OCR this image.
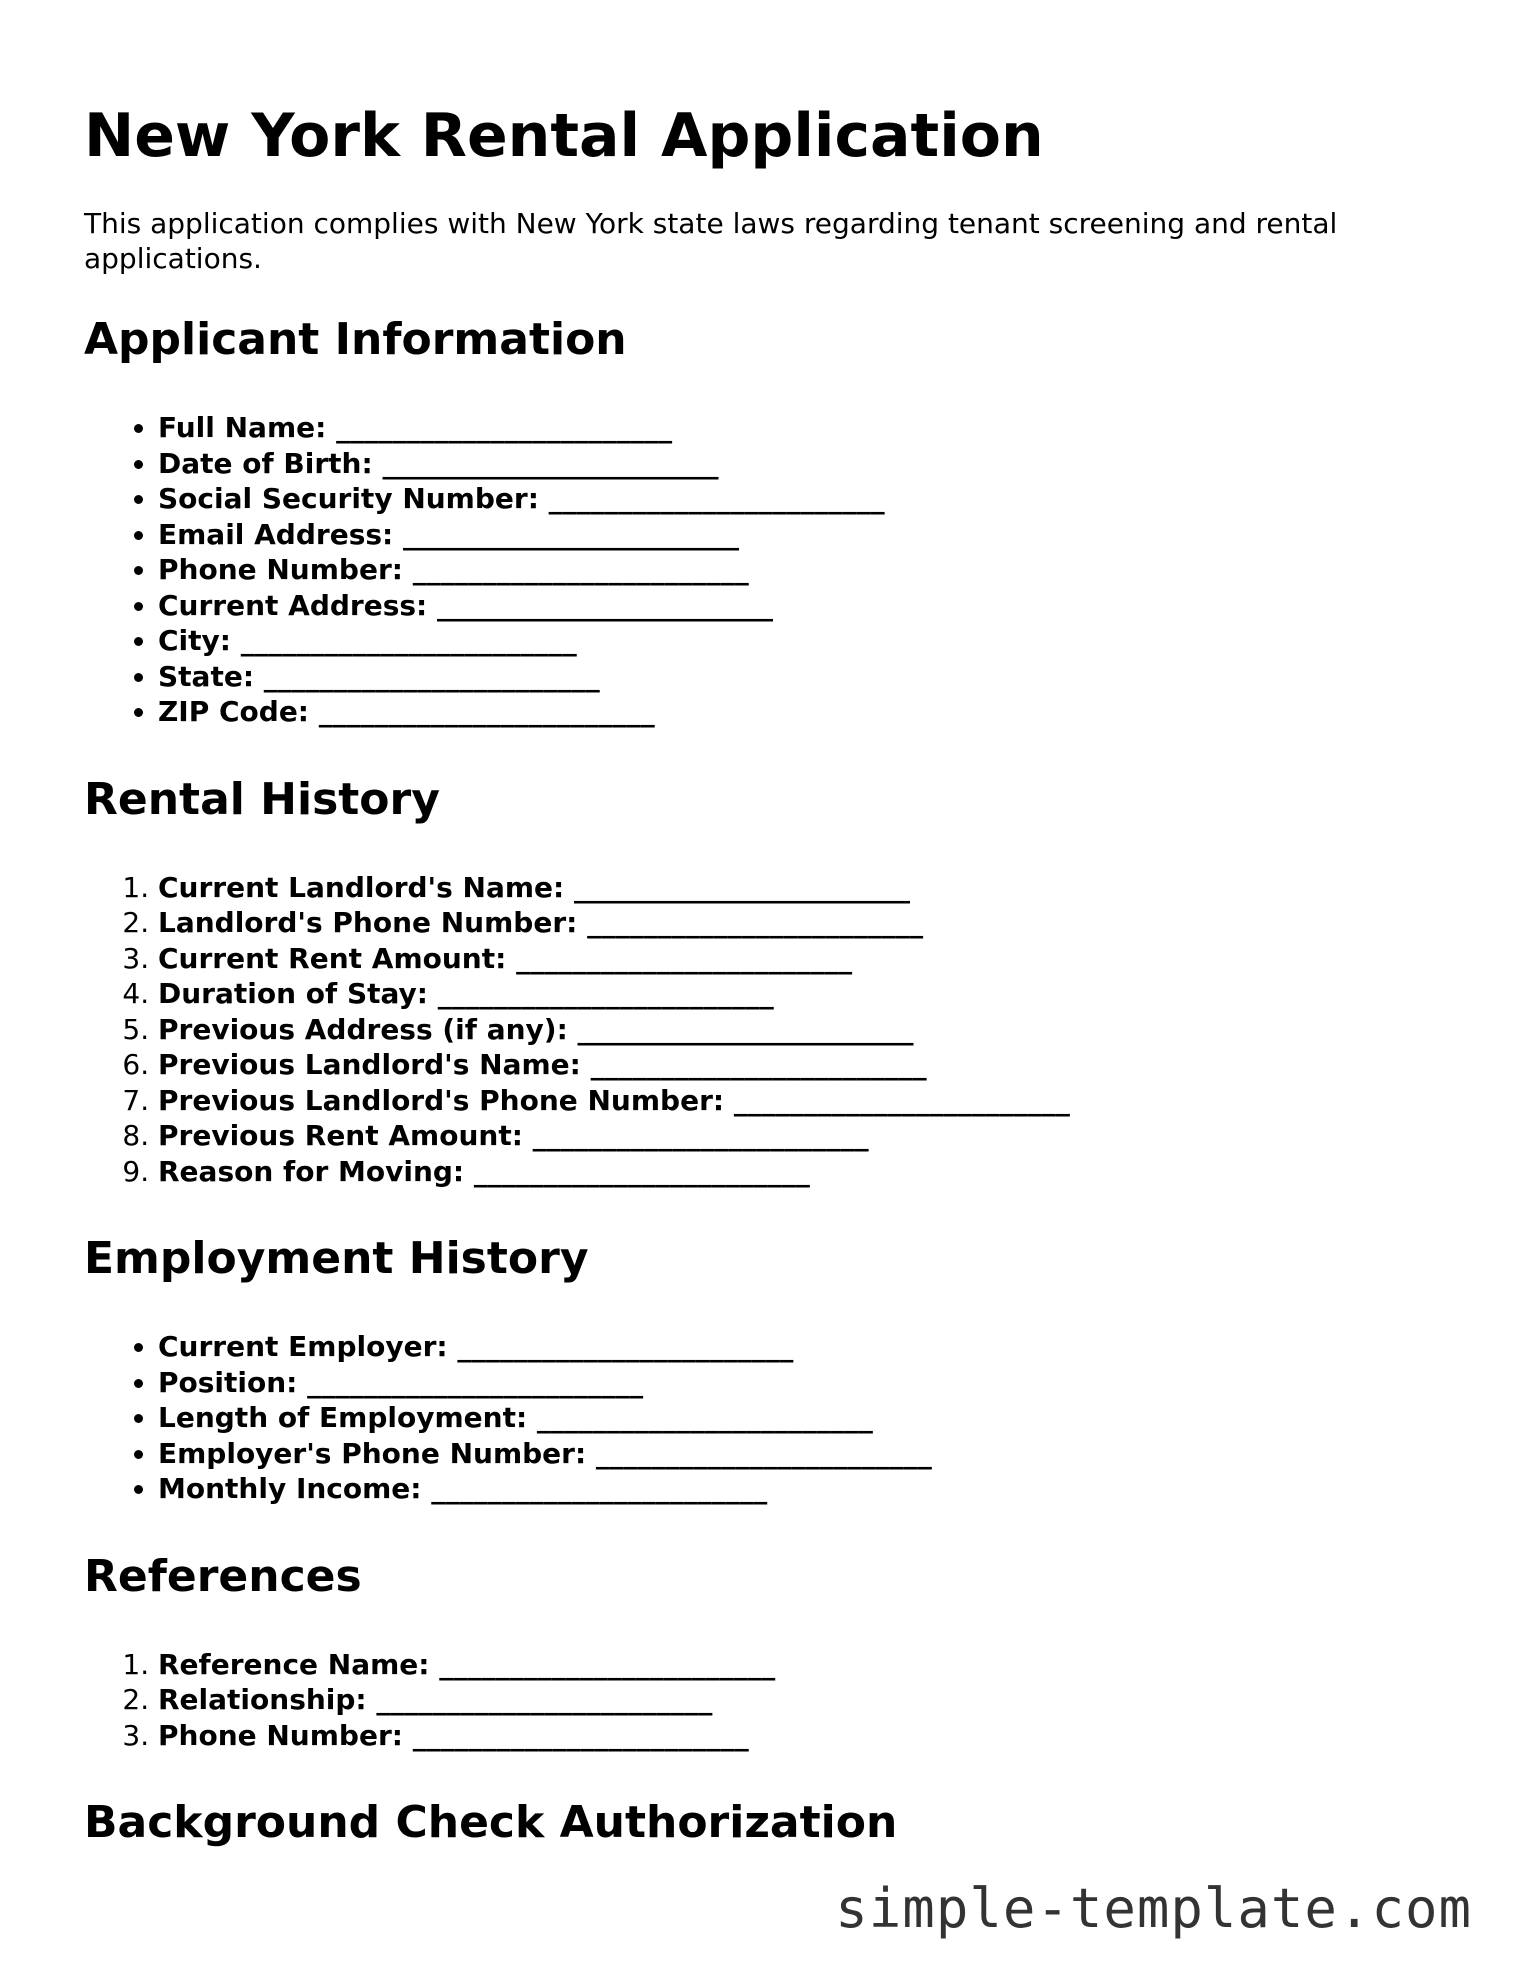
New York Rental Application

This application complies with New York state laws regarding tenant screening and rental applications.

Applicant Information
• Full Name: ________________________
• Date of Birth: ________________________
• Social Security Number: ________________________
• Email Address: ________________________
• Phone Number: ________________________
• Current Address: ________________________
• City: ________________________
• State: ________________________
• ZIP Code: ________________________
Rental History
1. Current Landlord's Name: ________________________
2. Landlord's Phone Number: ________________________
3. Current Rent Amount: ________________________
4. Duration of Stay: ________________________
5. Previous Address (if any): ________________________
6. Previous Landlord's Name: ________________________
7. Previous Landlord's Phone Number: ________________________
8. Previous Rent Amount: ________________________
9. Reason for Moving: ________________________
Employment History
• Current Employer: ________________________
• Position: ________________________
• Length of Employment: ________________________
• Employer's Phone Number: ________________________
• Monthly Income: ________________________
References
1. Reference Name: ________________________
2. Relationship: ________________________
3. Phone Number: ________________________
Background Check Authorization
simple-template.com
